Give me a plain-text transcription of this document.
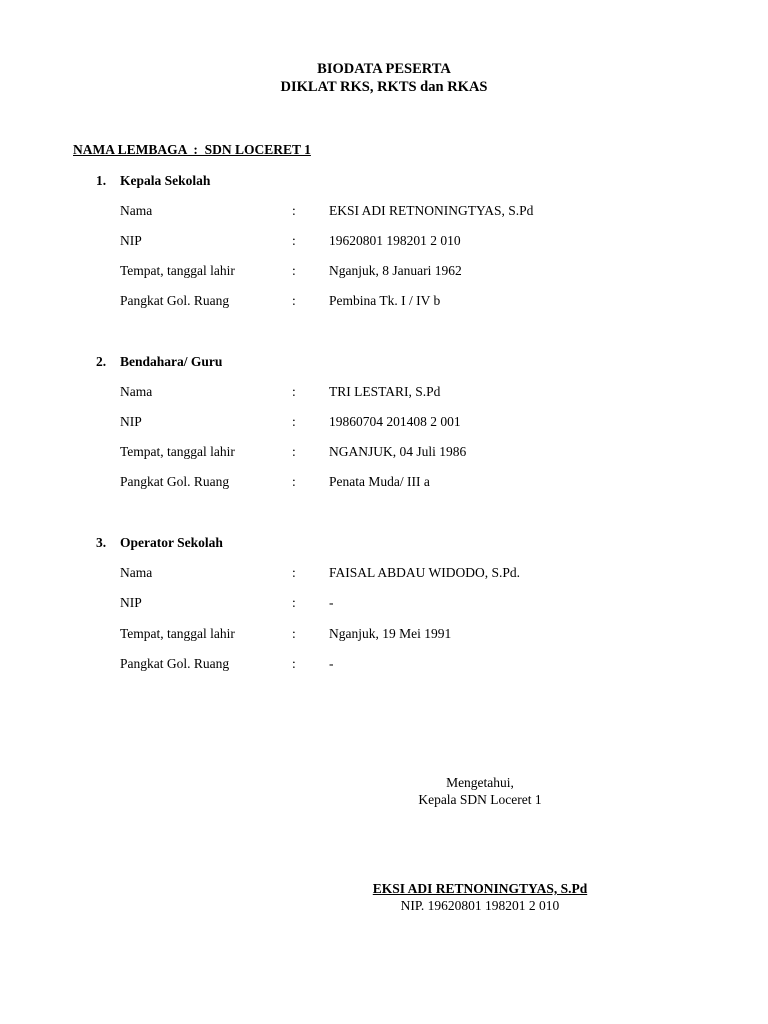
BIODATA PESERTA
DIKLAT RKS, RKTS dan RKAS
NAMA LEMBAGA  :  SDN LOCERET 1
1. Kepala Sekolah
Nama	: EKSI ADI RETNONINGTYAS, S.Pd
NIP	: 19620801 198201 2 010
Tempat, tanggal lahir	: Nganjuk, 8 Januari 1962
Pangkat Gol. Ruang	: Pembina Tk. I / IV b
2. Bendahara/ Guru
Nama	: TRI LESTARI, S.Pd
NIP	: 19860704 201408 2 001
Tempat, tanggal lahir	: NGANJUK, 04 Juli 1986
Pangkat Gol. Ruang	: Penata Muda/ III a
3. Operator Sekolah
Nama	: FAISAL ABDAU WIDODO, S.Pd.
NIP	: -
Tempat, tanggal lahir	: Nganjuk, 19 Mei 1991
Pangkat Gol. Ruang	: -
Mengetahui,
Kepala SDN Loceret 1
EKSI ADI RETNONINGTYAS, S.Pd
NIP. 19620801 198201 2 010
